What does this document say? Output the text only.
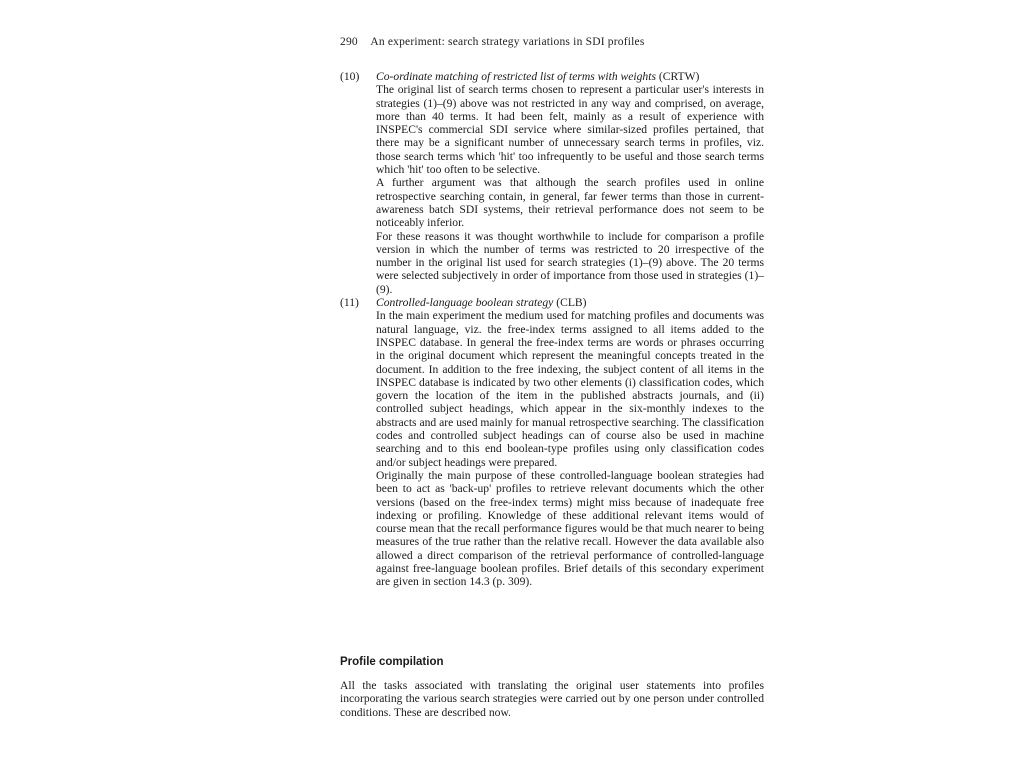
290 An experiment: search strategy variations in SDI profiles
(10)	Co-ordinate matching of restricted list of terms with weights (CRTW)

The original list of search terms chosen to represent a particular user's interests in strategies (1)–(9) above was not restricted in any way and comprised, on average, more than 40 terms. It had been felt, mainly as a result of experience with INSPEC's commercial SDI service where similar-sized profiles pertained, that there may be a significant number of unnecessary search terms in profiles, viz. those search terms which 'hit' too infrequently to be useful and those search terms which 'hit' too often to be selective.

A further argument was that although the search profiles used in online retrospective searching contain, in general, far fewer terms than those in current-awareness batch SDI systems, their retrieval performance does not seem to be noticeably inferior.

For these reasons it was thought worthwhile to include for comparison a profile version in which the number of terms was restricted to 20 irrespective of the number in the original list used for search strategies (1)–(9) above. The 20 terms were selected subjectively in order of importance from those used in strategies (1)–(9).

(11)	Controlled-language boolean strategy (CLB)

In the main experiment the medium used for matching profiles and documents was natural language, viz. the free-index terms assigned to all items added to the INSPEC database. In general the free-index terms are words or phrases occurring in the original document which represent the meaningful concepts treated in the document. In addition to the free indexing, the subject content of all items in the INSPEC database is indicated by two other elements (i) classification codes, which govern the location of the item in the published abstracts journals, and (ii) controlled subject headings, which appear in the six-monthly indexes to the abstracts and are used mainly for manual retrospective searching. The classification codes and controlled subject headings can of course also be used in machine searching and to this end boolean-type profiles using only classification codes and/or subject headings were prepared.

Originally the main purpose of these controlled-language boolean strategies had been to act as 'back-up' profiles to retrieve relevant documents which the other versions (based on the free-index terms) might miss because of inadequate free indexing or profiling. Knowledge of these additional relevant items would of course mean that the recall performance figures would be that much nearer to being measures of the true rather than the relative recall. However the data available also allowed a direct comparison of the retrieval performance of controlled-language against free-language boolean profiles. Brief details of this secondary experiment are given in section 14.3 (p. 309).

Profile compilation

All the tasks associated with translating the original user statements into profiles incorporating the various search strategies were carried out by one person under controlled conditions. These are described now.
